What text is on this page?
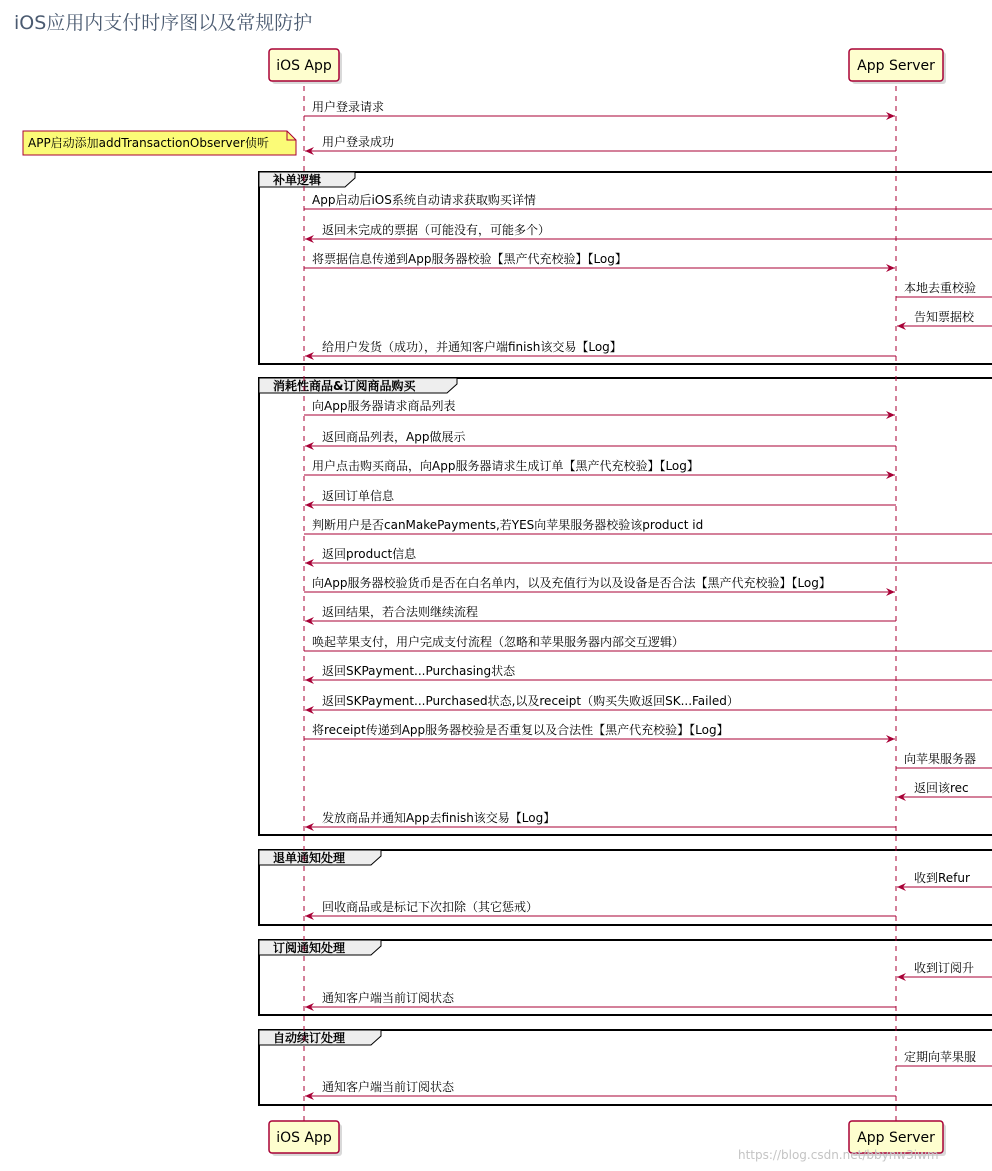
iOS应用内支付时序图以及常规防护
补单逻辑
消耗性商品&订阅商品购买
退单通知处理
订阅通知处理
自动续订处理
用户登录请求
用户登录成功
App启动后iOS系统自动请求获取购买详情
返回未完成的票据（可能没有，可能多个）
将票据信息传递到App服务器校验【黑产代充校验】【Log】
本地去重校验
告知票据校
给用户发货（成功），并通知客户端finish该交易【Log】
向App服务器请求商品列表
返回商品列表，App做展示
用户点击购买商品，向App服务器请求生成订单【黑产代充校验】【Log】
返回订单信息
判断用户是否canMakePayments,若YES向苹果服务器校验该product id
返回product信息
向App服务器校验货币是否在白名单内，以及充值行为以及设备是否合法【黑产代充校验】【Log】
返回结果，若合法则继续流程
唤起苹果支付，用户完成支付流程（忽略和苹果服务器内部交互逻辑）
返回SKPayment...Purchasing状态
返回SKPayment...Purchased状态,以及receipt（购买失败返回SK...Failed）
将receipt传递到App服务器校验是否重复以及合法性【黑产代充校验】【Log】
向苹果服务器
返回该rec
发放商品并通知App去finish该交易【Log】
收到Refur
回收商品或是标记下次扣除（其它惩戒）
收到订阅升
通知客户端当前订阅状态
定期向苹果服
通知客户端当前订阅状态
iOS App
iOS App
App Server
App Server
APP启动添加addTransactionObserver侦听
https://blog.csdn.net/bbynw3iwm
